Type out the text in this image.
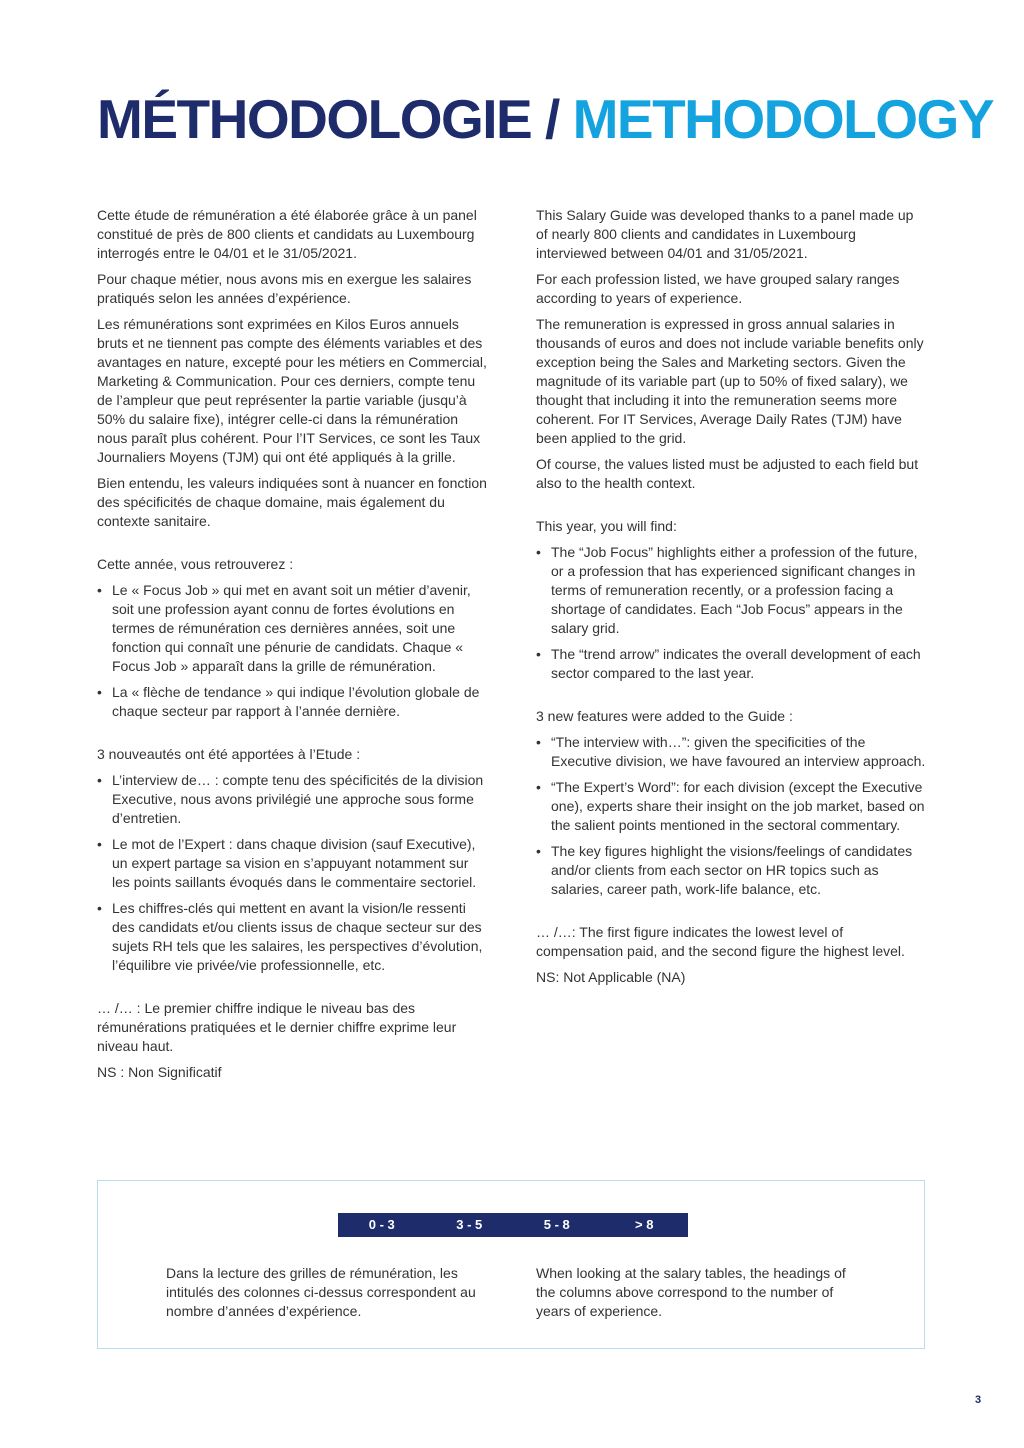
MÉTHODOLOGIE / METHODOLOGY

Cette étude de rémunération a été élaborée grâce à un panel constitué de près de 800 clients et candidats au Luxembourg interrogés entre le 04/01 et le 31/05/2021.

Pour chaque métier, nous avons mis en exergue les salaires pratiqués selon les années d’expérience.

Les rémunérations sont exprimées en Kilos Euros annuels bruts et ne tiennent pas compte des éléments variables et des avantages en nature, excepté pour les métiers en Commercial, Marketing & Communication. Pour ces derniers, compte tenu de l’ampleur que peut représenter la partie variable (jusqu’à 50% du salaire fixe), intégrer celle-ci dans la rémunération nous paraît plus cohérent. Pour l’IT Services, ce sont les Taux Journaliers Moyens (TJM) qui ont été appliqués à la grille.

Bien entendu, les valeurs indiquées sont à nuancer en fonction des spécificités de chaque domaine, mais également du contexte sanitaire.

Cette année, vous retrouverez :

• Le « Focus Job » qui met en avant soit un métier d’avenir, soit une profession ayant connu de fortes évolutions en termes de rémunération ces dernières années, soit une fonction qui connaît une pénurie de candidats. Chaque « Focus Job » apparaît dans la grille de rémunération.
• La « flèche de tendance » qui indique l’évolution globale de chaque secteur par rapport à l’année dernière.

3 nouveautés ont été apportées à l’Etude :

• L’interview de… : compte tenu des spécificités de la division Executive, nous avons privilégié une approche sous forme d’entretien.
• Le mot de l’Expert : dans chaque division (sauf Executive), un expert partage sa vision en s’appuyant notamment sur les points saillants évoqués dans le commentaire sectoriel.
• Les chiffres-clés qui mettent en avant la vision/le ressenti des candidats et/ou clients issus de chaque secteur sur des sujets RH tels que les salaires, les perspectives d’évolution, l’équilibre vie privée/vie professionnelle, etc.

… /… : Le premier chiffre indique le niveau bas des rémunérations pratiquées et le dernier chiffre exprime leur niveau haut.

NS : Non Significatif

This Salary Guide was developed thanks to a panel made up of nearly 800 clients and candidates in Luxembourg interviewed between 04/01 and 31/05/2021.

For each profession listed, we have grouped salary ranges according to years of experience.

The remuneration is expressed in gross annual salaries in thousands of euros and does not include variable benefits only exception being the Sales and Marketing sectors. Given the magnitude of its variable part (up to 50% of fixed salary), we thought that including it into the remuneration seems more coherent. For IT Services, Average Daily Rates (TJM) have been applied to the grid.

Of course, the values listed must be adjusted to each field but also to the health context.

This year, you will find:

• The “Job Focus” highlights either a profession of the future, or a profession that has experienced significant changes in terms of remuneration recently, or a profession facing a shortage of candidates. Each “Job Focus” appears in the salary grid.
• The “trend arrow” indicates the overall development of each sector compared to the last year.

3 new features were added to the Guide :

• “The interview with…”: given the specificities of the Executive division, we have favoured an interview approach.
• “The Expert’s Word”: for each division (except the Executive one), experts share their insight on the job market, based on the salient points mentioned in the sectoral commentary.
• The key figures highlight the visions/feelings of candidates and/or clients from each sector on HR topics such as salaries, career path, work-life balance, etc.

… /…: The first figure indicates the lowest level of compensation paid, and the second figure the highest level.

NS: Not Applicable (NA)

0 - 3	3 - 5	5 - 8	> 8
Dans la lecture des grilles de rémunération, les intitulés des colonnes ci-dessus correspondent au nombre d’années d’expérience.
When looking at the salary tables, the headings of the columns above correspond to the number of years of experience.
3
